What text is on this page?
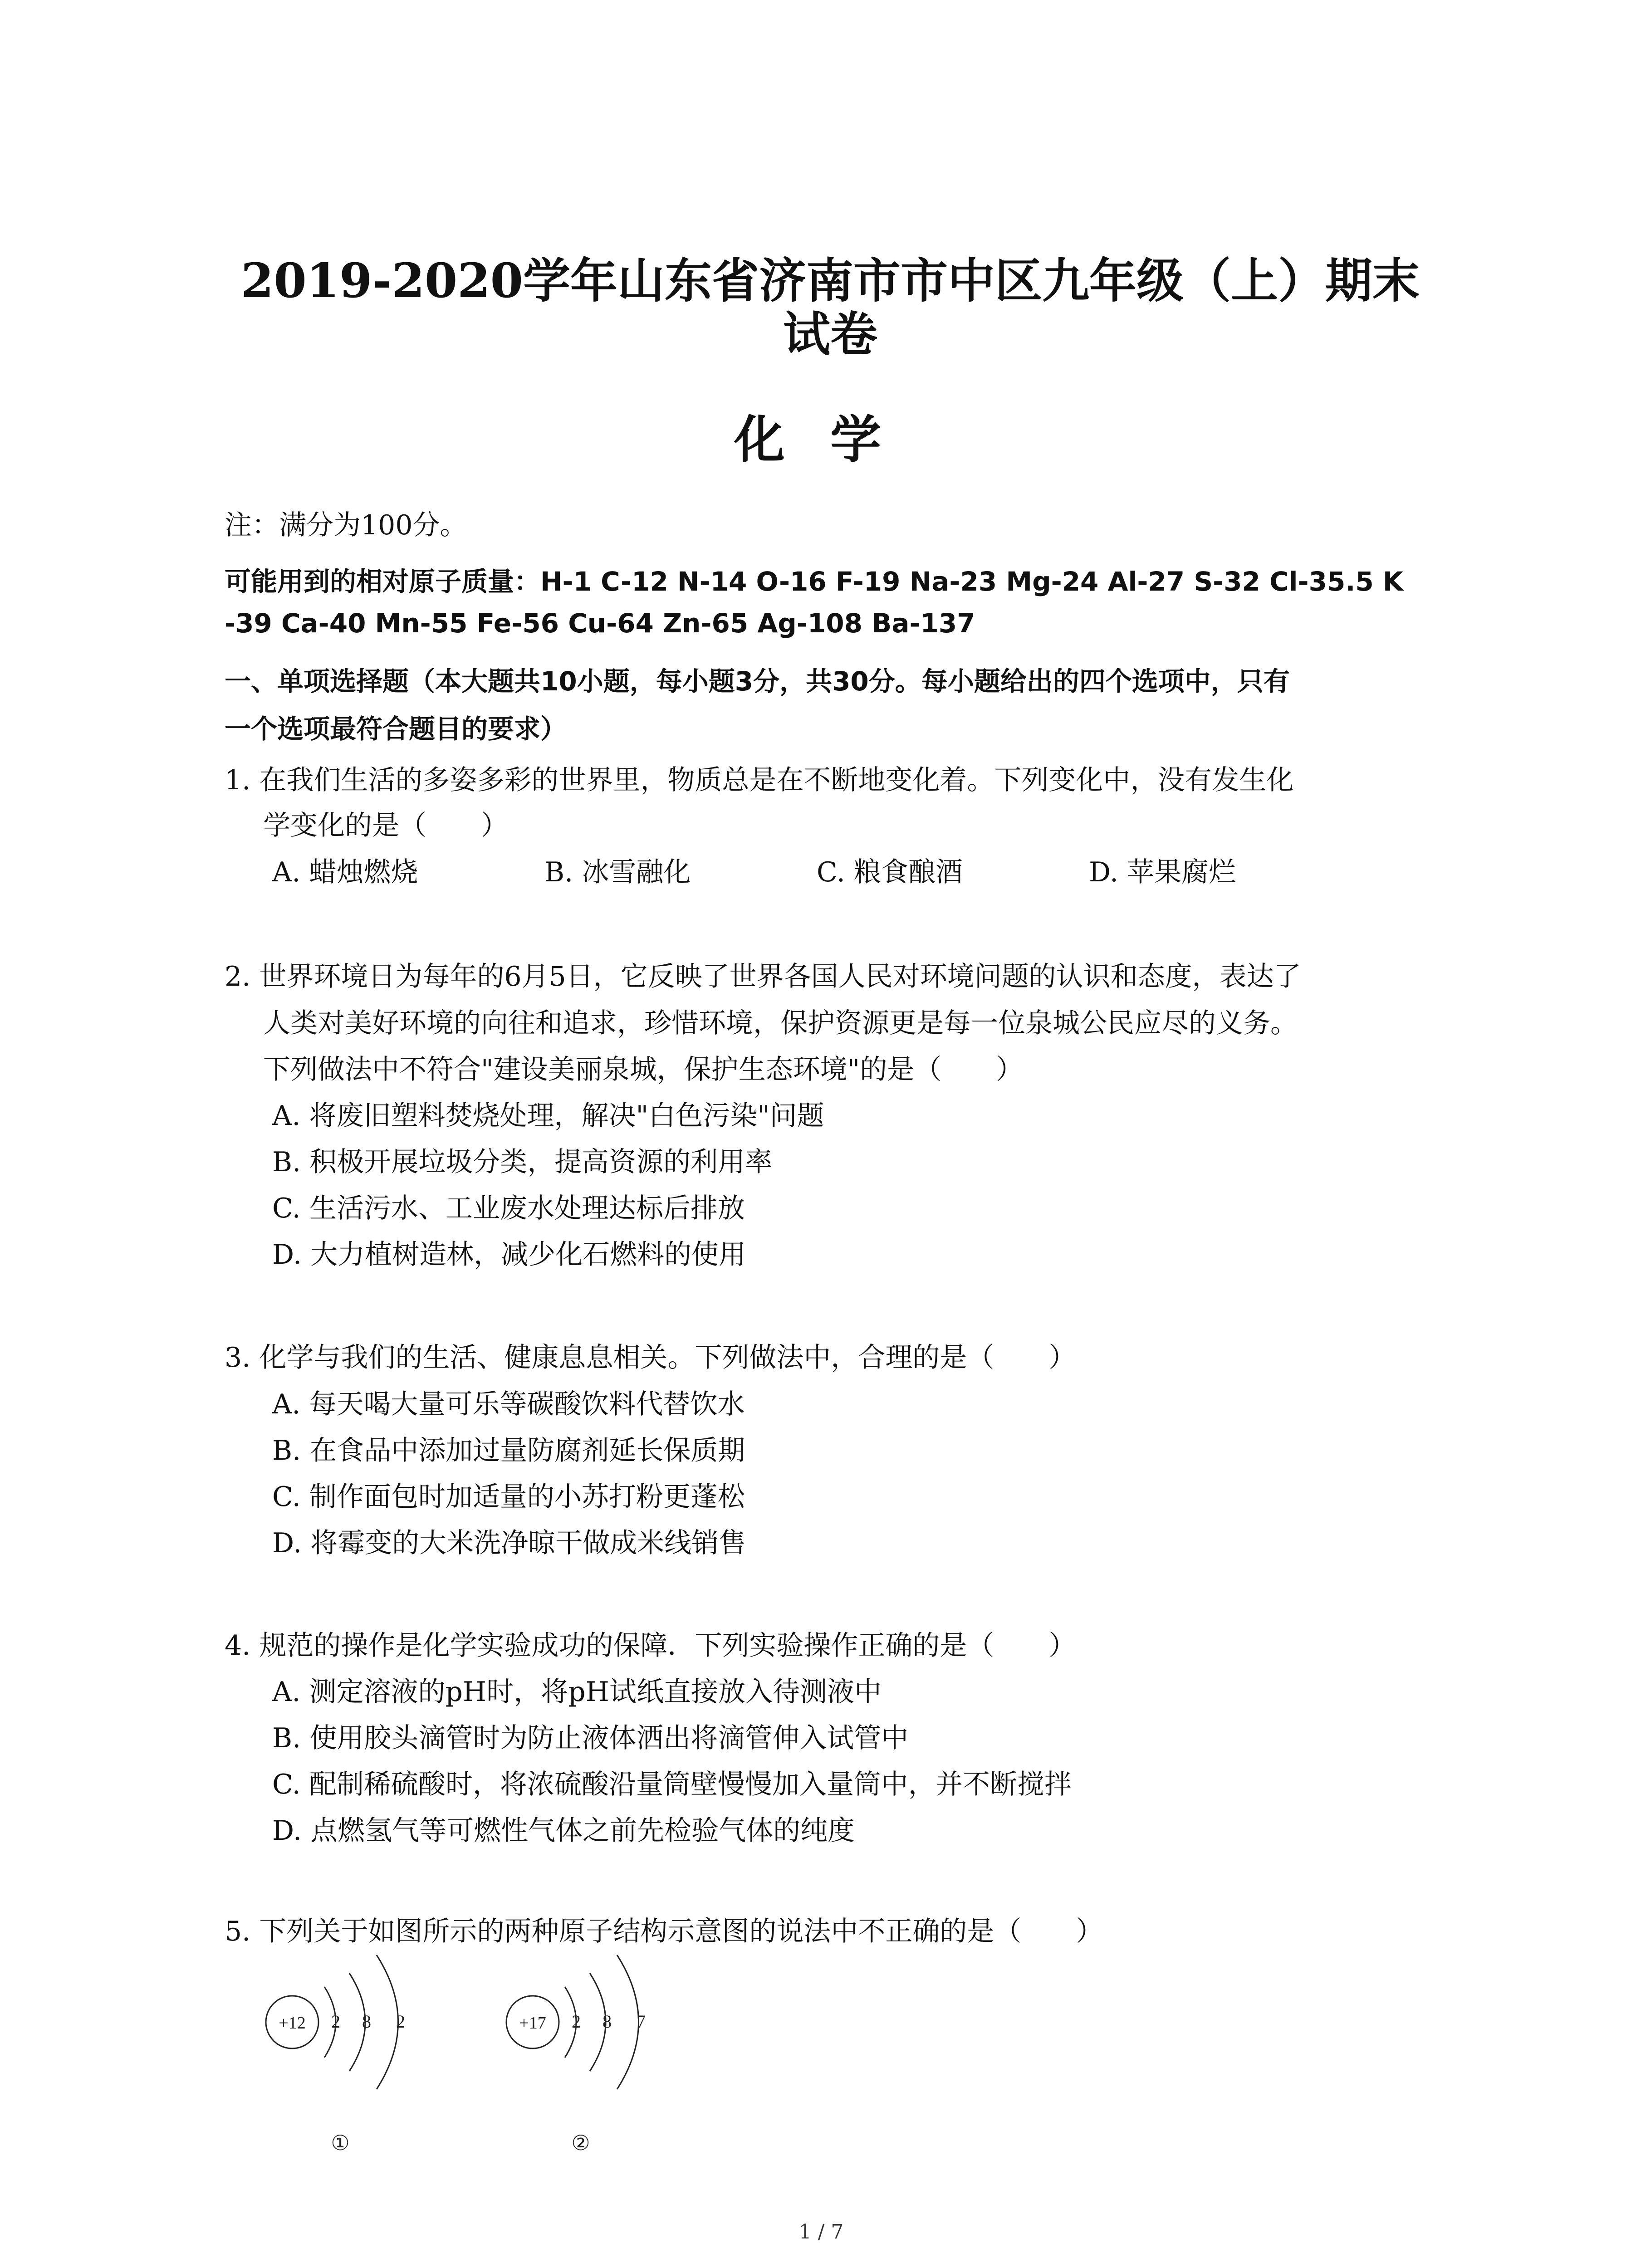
2019-2020学年山东省济南市市中区九年级（上）期末
试卷
化学
注：满分为100分。
可能用到的相对原子质量：H-1 C-12 N-14 O-16 F-19 Na-23 Mg-24 Al-27 S-32 Cl-35.5 K
-39 Ca-40 Mn-55 Fe-56 Cu-64 Zn-65 Ag-108 Ba-137
一、单项选择题（本大题共10小题，每小题3分，共30分。每小题给出的四个选项中，只有
一个选项最符合题目的要求）
1. 在我们生活的多姿多彩的世界里，物质总是在不断地变化着。下列变化中，没有发生化
学变化的是（　　）
A. 蜡烛燃烧	B. 冰雪融化	C. 粮食酿酒	D. 苹果腐烂
2. 世界环境日为每年的6月5日，它反映了世界各国人民对环境问题的认识和态度，表达了
人类对美好环境的向往和追求，珍惜环境，保护资源更是每一位泉城公民应尽的义务。
下列做法中不符合"建设美丽泉城，保护生态环境"的是（　　）
A. 将废旧塑料焚烧处理，解决"白色污染"问题
B. 积极开展垃圾分类，提高资源的利用率
C. 生活污水、工业废水处理达标后排放
D. 大力植树造林，减少化石燃料的使用
3. 化学与我们的生活、健康息息相关。下列做法中，合理的是（　　）
A. 每天喝大量可乐等碳酸饮料代替饮水
B. 在食品中添加过量防腐剂延长保质期
C. 制作面包时加适量的小苏打粉更蓬松
D. 将霉变的大米洗净晾干做成米线销售
4. 规范的操作是化学实验成功的保障．下列实验操作正确的是（　　）
A. 测定溶液的pH时，将pH试纸直接放入待测液中
B. 使用胶头滴管时为防止液体洒出将滴管伸入试管中
C. 配制稀硫酸时，将浓硫酸沿量筒壁慢慢加入量筒中，并不断搅拌
D. 点燃氢气等可燃性气体之前先检验气体的纯度
5. 下列关于如图所示的两种原子结构示意图的说法中不正确的是（　　）
+12 2 8 2
①
+17 2 8 7
②
1 / 7
